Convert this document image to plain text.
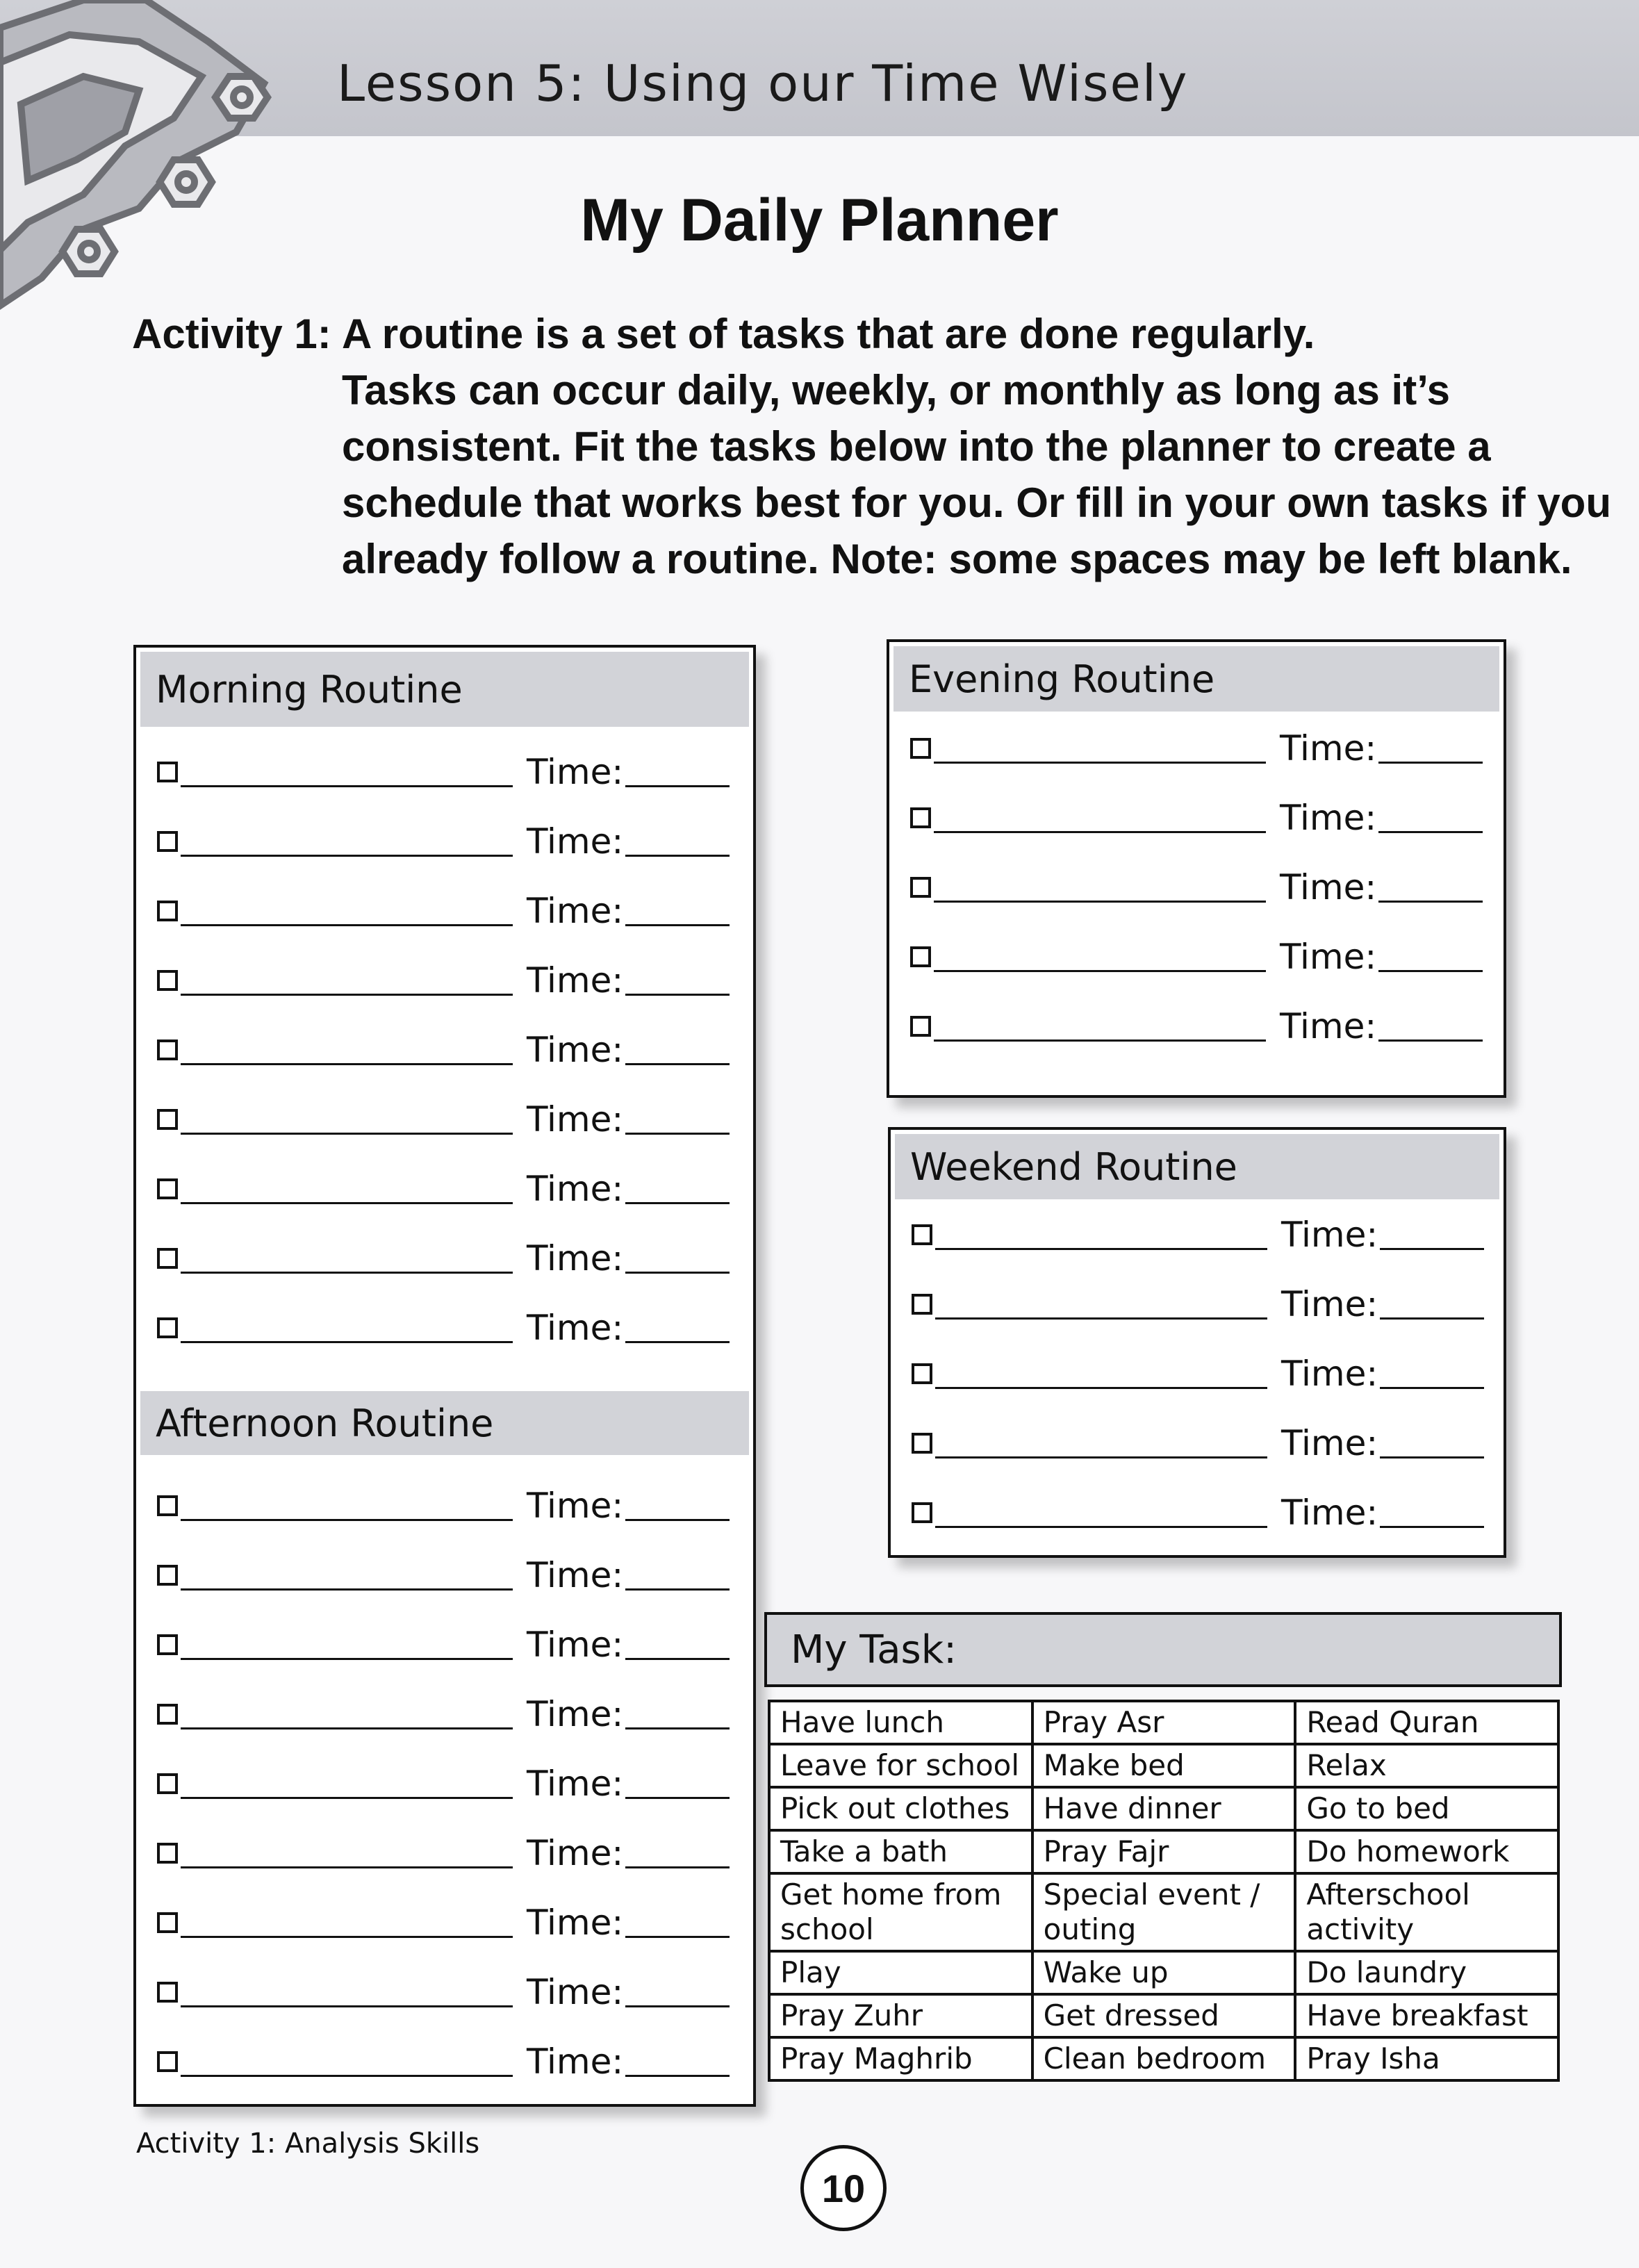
Lesson 5: Using our Time Wisely
My Daily Planner
Activity 1: A routine is a set of tasks that are done regularly.
Tasks can occur daily, weekly, or monthly as long as it’s
consistent. Fit the tasks below into the planner to create a
schedule that works best for you. Or fill in your own tasks if you
already follow a routine. Note: some spaces may be left blank.
Morning Routine
Time:
Time:
Time:
Time:
Time:
Time:
Time:
Time:
Time:
Afternoon Routine
Time:
Time:
Time:
Time:
Time:
Time:
Time:
Time:
Time:
Evening Routine
Time:
Time:
Time:
Time:
Time:
Weekend Routine
Time:
Time:
Time:
Time:
Time:
My Task:
Have lunch	Pray Asr	Read Quran
Leave for school	Make bed	Relax
Pick out clothes	Have dinner	Go to bed
Take a bath	Pray Fajr	Do homework
Get home from school	Special event / outing	Afterschool activity
Play	Wake up	Do laundry
Pray Zuhr	Get dressed	Have breakfast
Pray Maghrib	Clean bedroom	Pray Isha
Activity 1: Analysis Skills
10
